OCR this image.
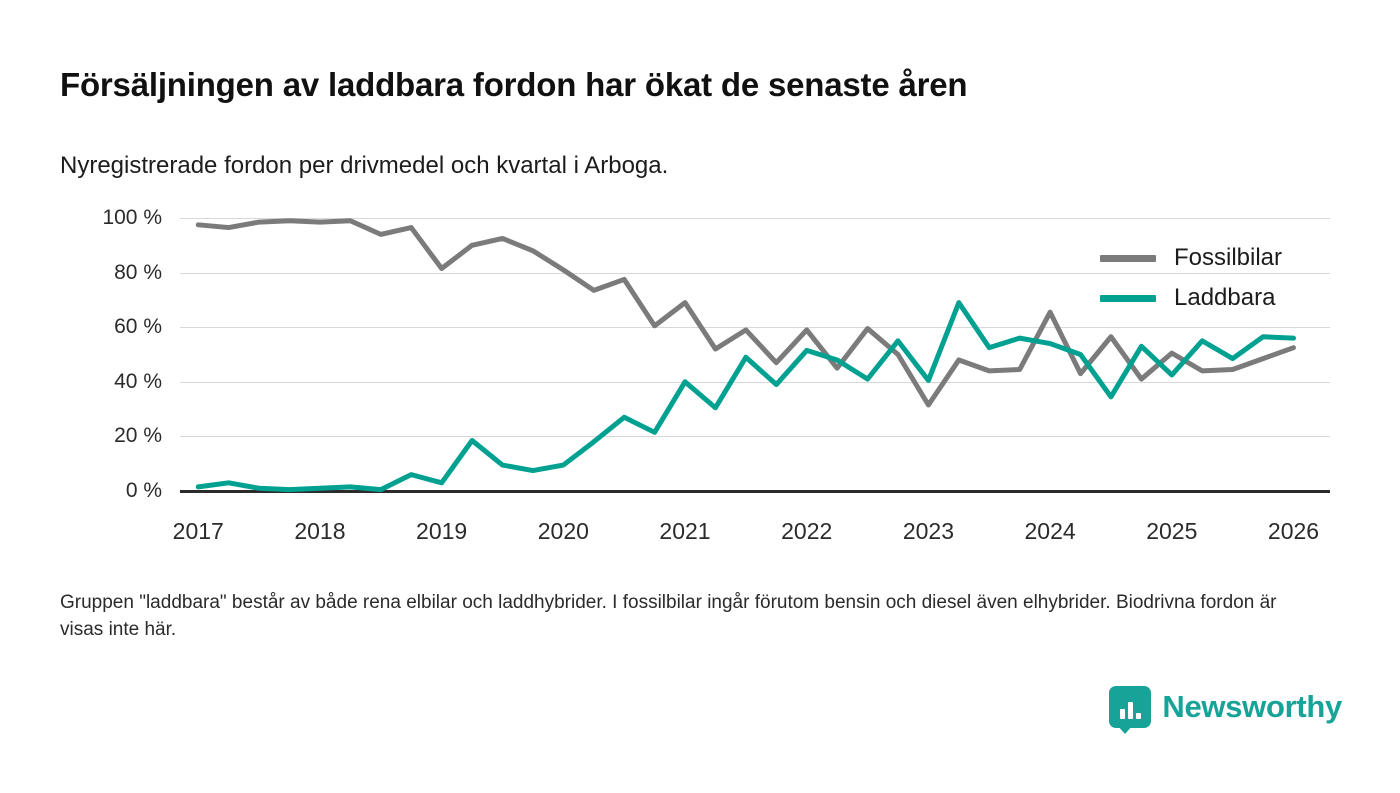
Försäljningen av laddbara fordon har ökat de senaste åren
Nyregistrerade fordon per drivmedel och kvartal i Arboga.
0 %
20 %
40 %
60 %
80 %
100 %
2017	2018	2019	2020	2021	2022	2023	2024	2025	2026
Fossilbilar
Laddbara
Gruppen "laddbara" består av både rena elbilar och laddhybrider. I fossilbilar ingår förutom bensin och diesel även elhybrider. Biodrivna fordon är visas inte här.
Newsworthy
